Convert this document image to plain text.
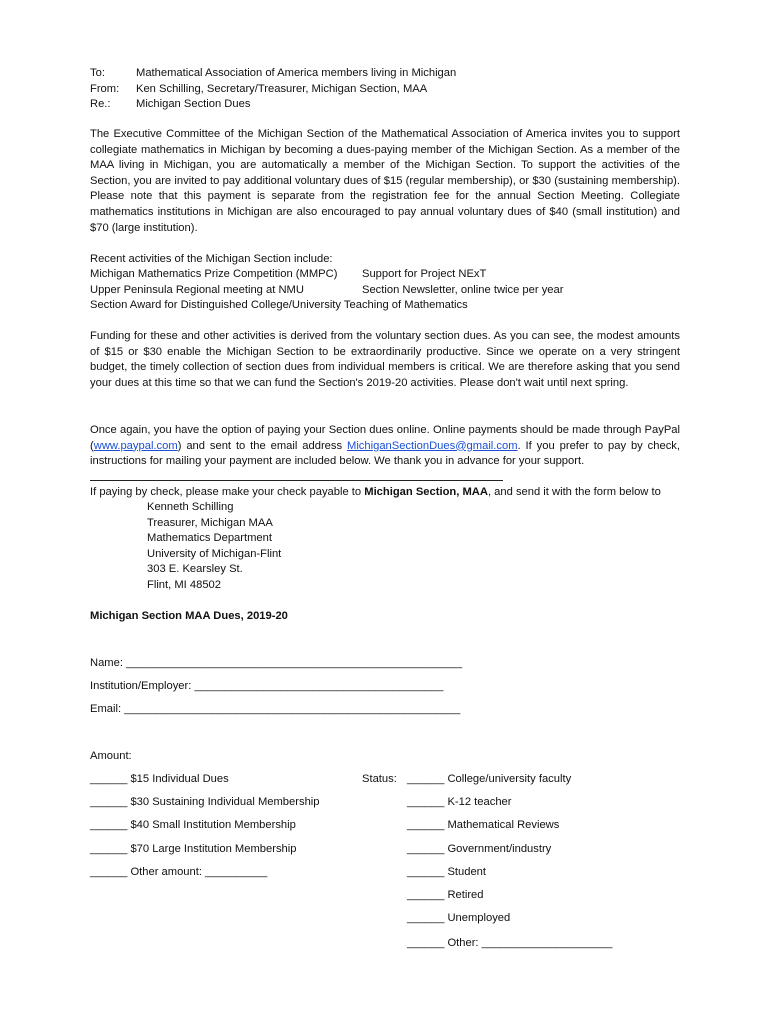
To:	Mathematical Association of America members living in Michigan
From:	Ken Schilling, Secretary/Treasurer, Michigan Section, MAA
Re.:	Michigan Section Dues

The Executive Committee of the Michigan Section of the Mathematical Association of America invites you to support collegiate mathematics in Michigan by becoming a dues-paying member of the Michigan Section. As a member of the MAA living in Michigan, you are automatically a member of the Michigan Section. To support the activities of the Section, you are invited to pay additional voluntary dues of $15 (regular membership), or $30 (sustaining membership). Please note that this payment is separate from the registration fee for the annual Section Meeting. Collegiate mathematics institutions in Michigan are also encouraged to pay annual voluntary dues of $40 (small institution) and $70 (large institution).

Recent activities of the Michigan Section include:
Michigan Mathematics Prize Competition (MMPC) Support for Project NExT
Upper Peninsula Regional meeting at NMU	Section Newsletter, online twice per year
Section Award for Distinguished College/University Teaching of Mathematics

Funding for these and other activities is derived from the voluntary section dues. As you can see, the modest amounts of $15 or $30 enable the Michigan Section to be extraordinarily productive. Since we operate on a very stringent budget, the timely collection of section dues from individual members is critical. We are therefore asking that you send your dues at this time so that we can fund the Section's 2019-20 activities. Please don't wait until next spring.

Once again, you have the option of paying your Section dues online. Online payments should be made through PayPal (www.paypal.com) and sent to the email address MichiganSectionDues@gmail.com. If you prefer to pay by check, instructions for mailing your payment are included below. We thank you in advance for your support.

If paying by check, please make your check payable to Michigan Section, MAA, and send it with the form below to
Kenneth Schilling
Treasurer, Michigan MAA
Mathematics Department
University of Michigan-Flint
303 E. Kearsley St.
Flint, MI 48502
Michigan Section MAA Dues, 2019-20
Name: ______________________________________________________
Institution/Employer: ________________________________________
Email: ______________________________________________________
Amount:
______ $15 Individual Dues
______ $30 Sustaining Individual Membership
______ $40 Small Institution Membership
______ $70 Large Institution Membership
______ Other amount: __________
Status: ______ College/university faculty
______ K-12 teacher
______ Mathematical Reviews
______ Government/industry
______ Student
______ Retired
______ Unemployed
______ Other: _____________________
